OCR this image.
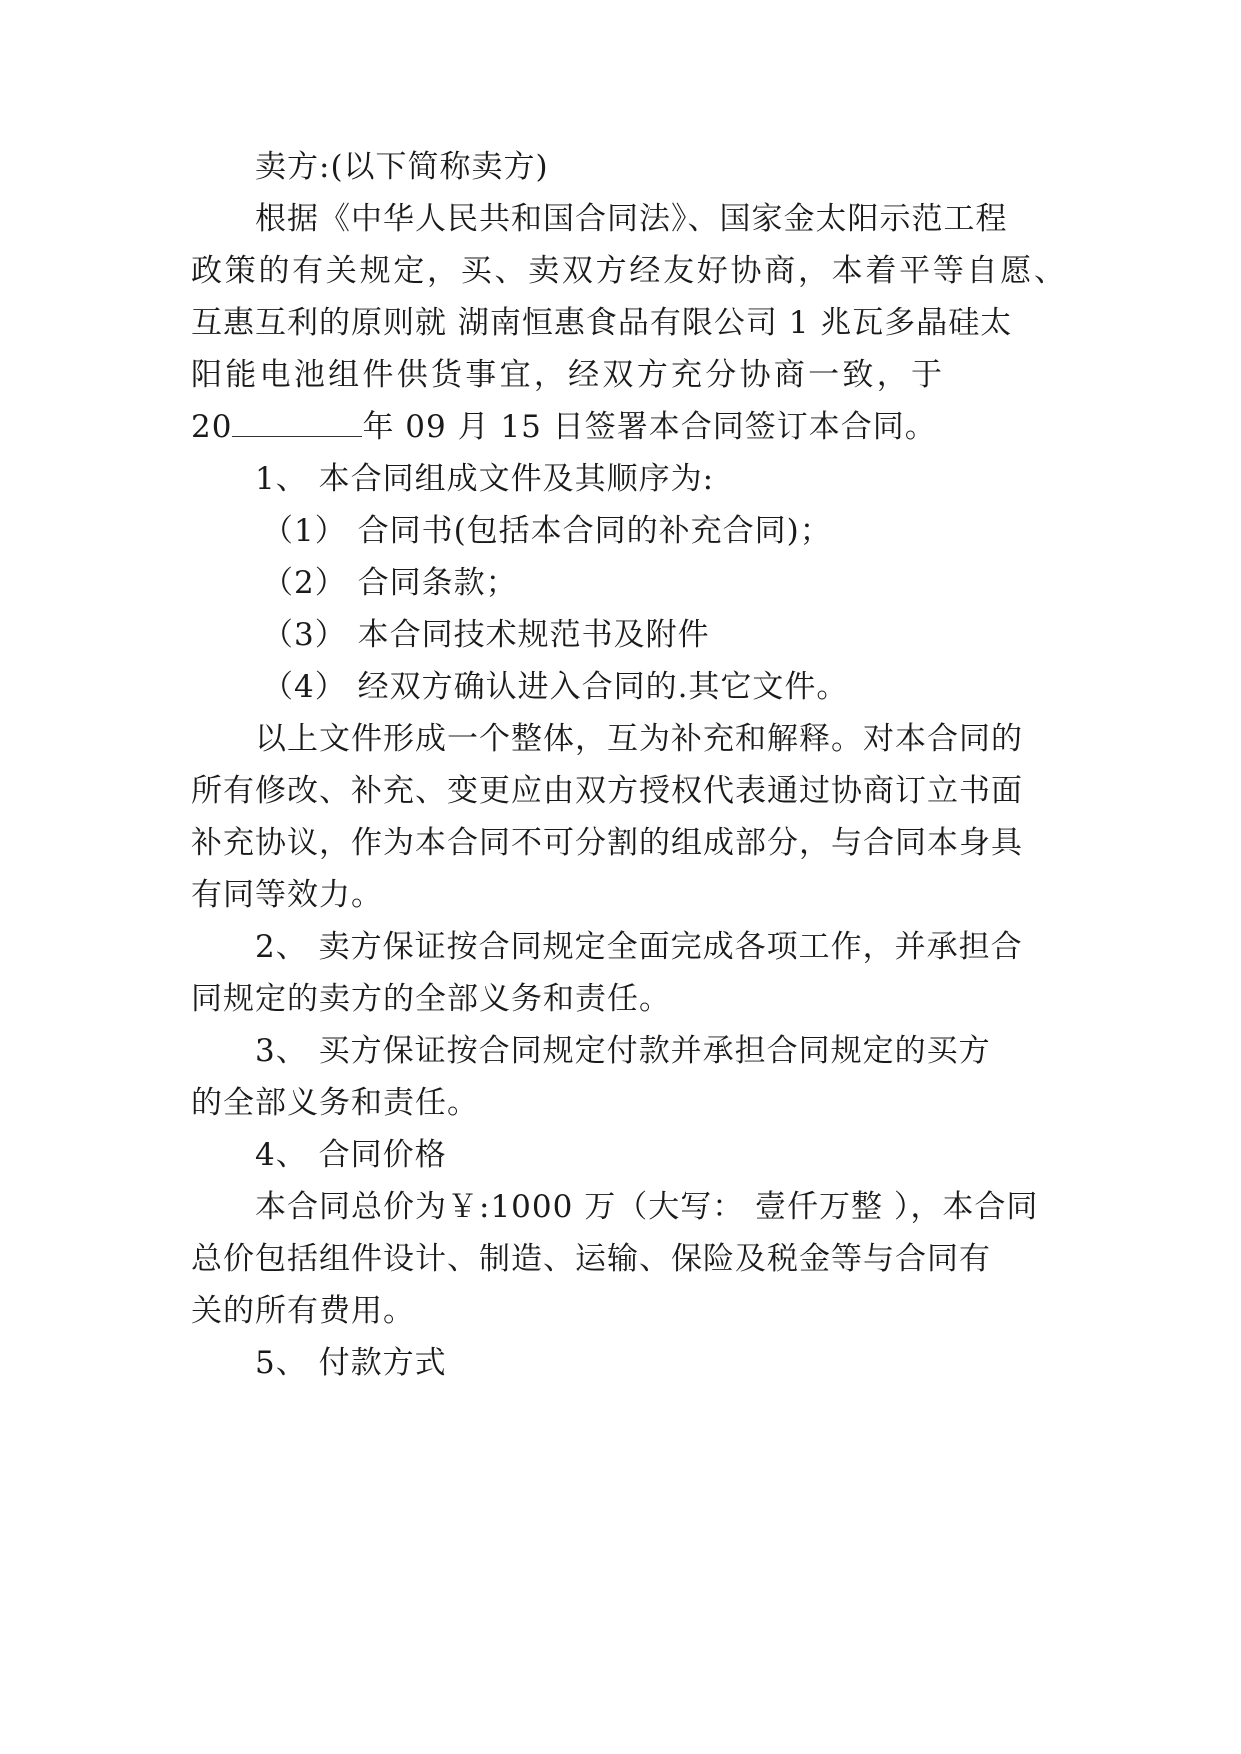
卖方:(以下简称卖方)
根据《中华人民共和国合同法》、国家金太阳示范工程
政策的有关规定，买、卖双方经友好协商，本着平等自愿、
互惠互利的原则就 湖南恒惠食品有限公司 1 兆瓦多晶硅太
阳能电池组件供货事宜，经双方充分协商一致，于
20	年 09 月 15 日签署本合同签订本合同。
1、 本合同组成文件及其顺序为:
（1） 合同书(包括本合同的补充合同)；
（2） 合同条款；
（3） 本合同技术规范书及附件
（4） 经双方确认进入合同的.其它文件。
以上文件形成一个整体，互为补充和解释。对本合同的
所有修改、补充、变更应由双方授权代表通过协商订立书面
补充协议，作为本合同不可分割的组成部分，与合同本身具
有同等效力。
2、 卖方保证按合同规定全面完成各项工作，并承担合
同规定的卖方的全部义务和责任。
3、 买方保证按合同规定付款并承担合同规定的买方
的全部义务和责任。
4、 合同价格
本合同总价为￥:1000 万（大写： 壹仟万整 ），本合同
总价包括组件设计、制造、运输、保险及税金等与合同有
关的所有费用。
5、 付款方式
